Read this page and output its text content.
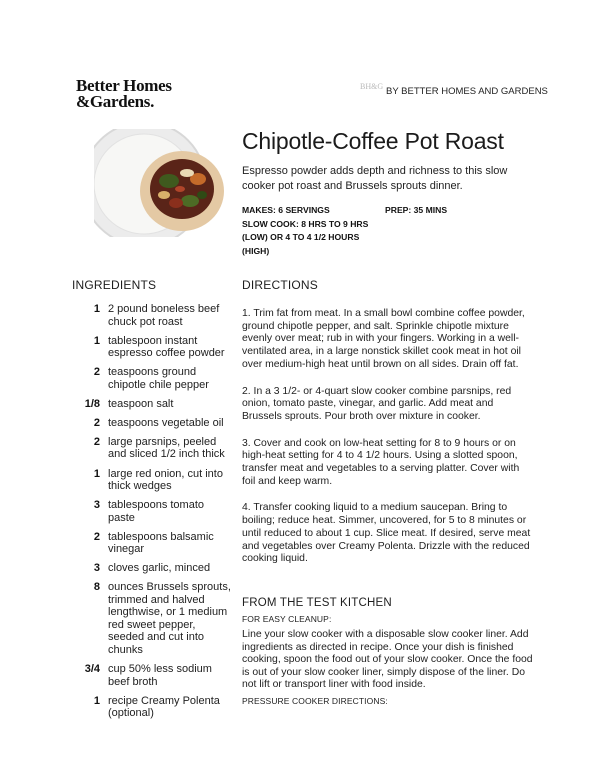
Better Homes
&Gardens.
BH&G BY BETTER HOMES AND GARDENS
Chipotle-Coffee Pot Roast
Espresso powder adds depth and richness to this slow cooker pot roast and Brussels sprouts dinner.
MAKES: 6 SERVINGS
SLOW COOK: 8 HRS TO 9 HRS (LOW) OR 4 TO 4 1/2 HOURS (HIGH)
PREP: 35 MINS
INGREDIENTS	DIRECTIONS
1 2 pound boneless beef chuck pot roast
1 tablespoon instant espresso coffee powder
2 teaspoons ground chipotle chile pepper
1/8 teaspoon salt
2 teaspoons vegetable oil
2 large parsnips, peeled and sliced 1/2 inch thick
1 large red onion, cut into thick wedges
3 tablespoons tomato paste
2 tablespoons balsamic vinegar
3 cloves garlic, minced
8 ounces Brussels sprouts, trimmed and halved lengthwise, or 1 medium red sweet pepper, seeded and cut into chunks
3/4 cup 50% less sodium beef broth
1 recipe Creamy Polenta (optional)

1. Trim fat from meat. In a small bowl combine coffee powder, ground chipotle pepper, and salt. Sprinkle chipotle mixture evenly over meat; rub in with your fingers. Working in a well-ventilated area, in a large nonstick skillet cook meat in hot oil over medium-high heat until brown on all sides. Drain off fat.

2. In a 3 1/2- or 4-quart slow cooker combine parsnips, red onion, tomato paste, vinegar, and garlic. Add meat and Brussels sprouts. Pour broth over mixture in cooker.

3. Cover and cook on low-heat setting for 8 to 9 hours or on high-heat setting for 4 to 4 1/2 hours. Using a slotted spoon, transfer meat and vegetables to a serving platter. Cover with foil and keep warm.

4. Transfer cooking liquid to a medium saucepan. Bring to boiling; reduce heat. Simmer, uncovered, for 5 to 8 minutes or until reduced to about 1 cup. Slice meat. If desired, serve meat and vegetables over Creamy Polenta. Drizzle with the reduced cooking liquid.

FROM THE TEST KITCHEN
FOR EASY CLEANUP:
Line your slow cooker with a disposable slow cooker liner. Add ingredients as directed in recipe. Once your dish is finished cooking, spoon the food out of your slow cooker. Once the food is out of your slow cooker liner, simply dispose of the liner. Do not lift or transport liner with food inside.
PRESSURE COOKER DIRECTIONS:
